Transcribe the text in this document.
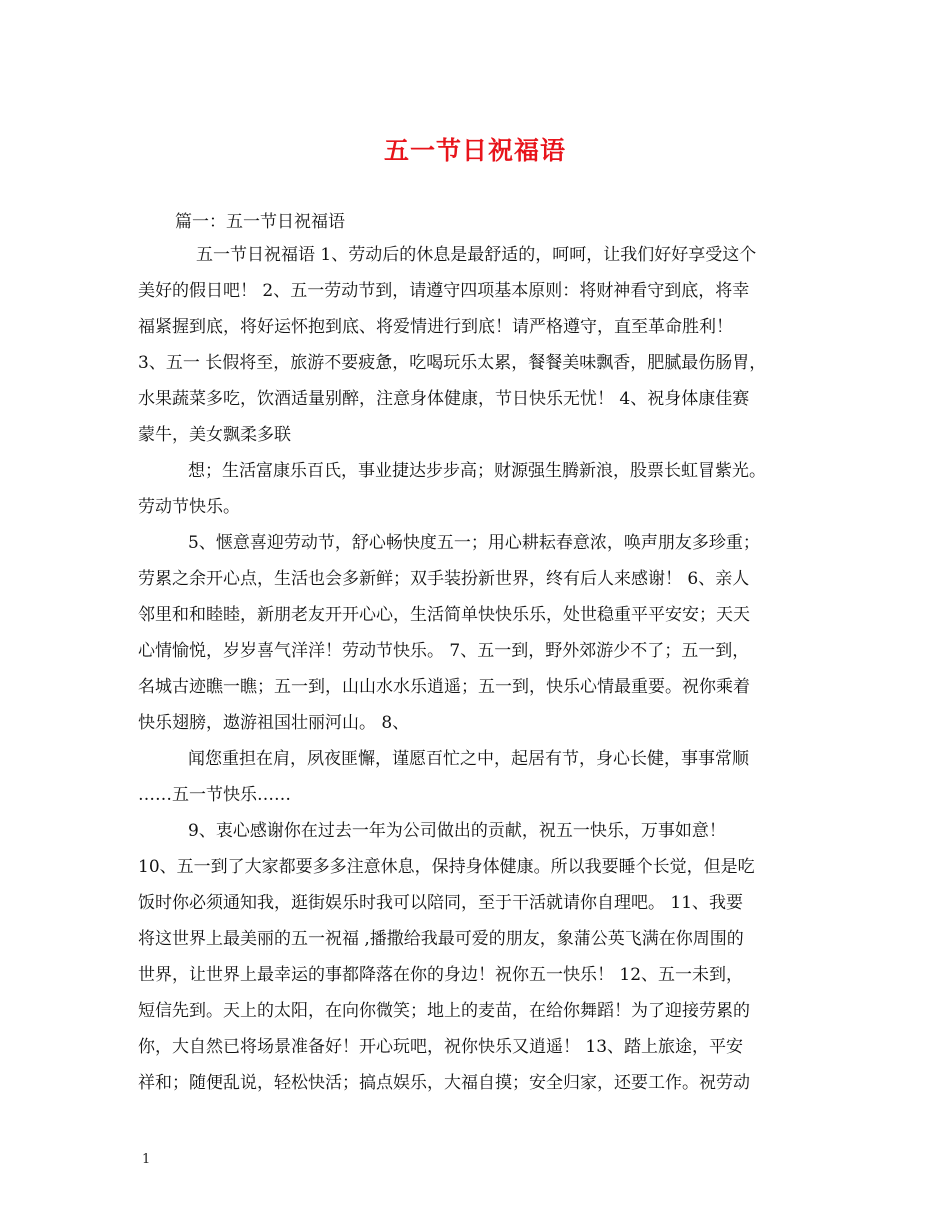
五一节日祝福语
篇一：五一节日祝福语
五一节日祝福语 1、劳动后的休息是最舒适的，呵呵，让我们好好享受这个
美好的假日吧！ 2、五一劳动节到，请遵守四项基本原则：将财神看守到底，将幸
福紧握到底，将好运怀抱到底、将爱情进行到底！请严格遵守，直至革命胜利！
3、五一 长假将至，旅游不要疲惫，吃喝玩乐太累，餐餐美味飘香，肥腻最伤肠胃，
水果蔬菜多吃，饮酒适量别醉，注意身体健康，节日快乐无忧！ 4、祝身体康佳赛
蒙牛，美女飘柔多联
想；生活富康乐百氏，事业捷达步步高；财源强生腾新浪，股票长虹冒紫光。
劳动节快乐。
5、惬意喜迎劳动节，舒心畅快度五一；用心耕耘春意浓，唤声朋友多珍重；
劳累之余开心点，生活也会多新鲜；双手装扮新世界，终有后人来感谢！ 6、亲人
邻里和和睦睦，新朋老友开开心心，生活简单快快乐乐，处世稳重平平安安；天天
心情愉悦，岁岁喜气洋洋！劳动节快乐。 7、五一到，野外郊游少不了；五一到，
名城古迹瞧一瞧；五一到，山山水水乐逍遥；五一到，快乐心情最重要。祝你乘着
快乐翅膀，遨游祖国壮丽河山。 8、
闻您重担在肩，夙夜匪懈，谨愿百忙之中，起居有节，身心长健，事事常顺
……五一节快乐……
9、衷心感谢你在过去一年为公司做出的贡献，祝五一快乐，万事如意！
10、五一到了大家都要多多注意休息，保持身体健康。所以我要睡个长觉，但是吃
饭时你必须通知我，逛街娱乐时我可以陪同，至于干活就请你自理吧。 11、我要
将这世界上最美丽的五一祝福 ,播撒给我最可爱的朋友，象蒲公英飞满在你周围的
世界，让世界上最幸运的事都降落在你的身边！祝你五一快乐！ 12、五一未到，
短信先到。天上的太阳，在向你微笑；地上的麦苗，在给你舞蹈！为了迎接劳累的
你，大自然已将场景准备好！开心玩吧，祝你快乐又逍遥！ 13、踏上旅途，平安
祥和；随便乱说，轻松快活；搞点娱乐，大福自摸；安全归家，还要工作。祝劳动
1
